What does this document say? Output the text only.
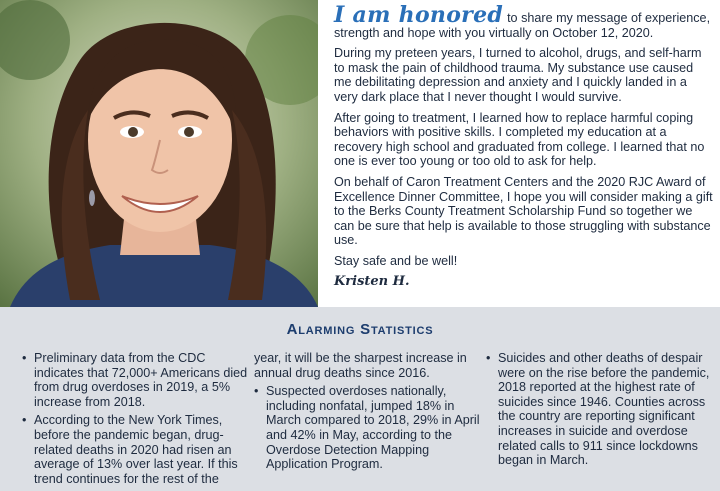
I am honored to share my message of experience, strength and hope with you virtually on October 12, 2020.

During my preteen years, I turned to alcohol, drugs, and self-harm to mask the pain of childhood trauma. My substance use caused me debilitating depression and anxiety and I quickly landed in a very dark place that I never thought I would survive.

After going to treatment, I learned how to replace harmful coping behaviors with positive skills. I completed my education at a recovery high school and graduated from college. I learned that no one is ever too young or too old to ask for help.

On behalf of Caron Treatment Centers and the 2020 RJC Award of Excellence Dinner Committee, I hope you will consider making a gift to the Berks County Treatment Scholarship Fund so together we can be sure that help is available to those struggling with substance use.

Stay safe and be well!

Kristen H.
Alarming Statistics
• Preliminary data from the CDC indicates that 72,000+ Americans died from drug overdoses in 2019, a 5% increase from 2018.
• According to the New York Times, before the pandemic began, drug-related deaths in 2020 had risen an average of 13% over last year. If this trend continues for the rest of the
year, it will be the sharpest increase in annual drug deaths since 2016.
• Suspected overdoses nationally, including nonfatal, jumped 18% in March compared to 2018, 29% in April and 42% in May, according to the Overdose Detection Mapping Application Program.
• Suicides and other deaths of despair were on the rise before the pandemic, 2018 reported at the highest rate of suicides since 1946. Counties across the country are reporting significant increases in suicide and overdose related calls to 911 since lockdowns began in March.
